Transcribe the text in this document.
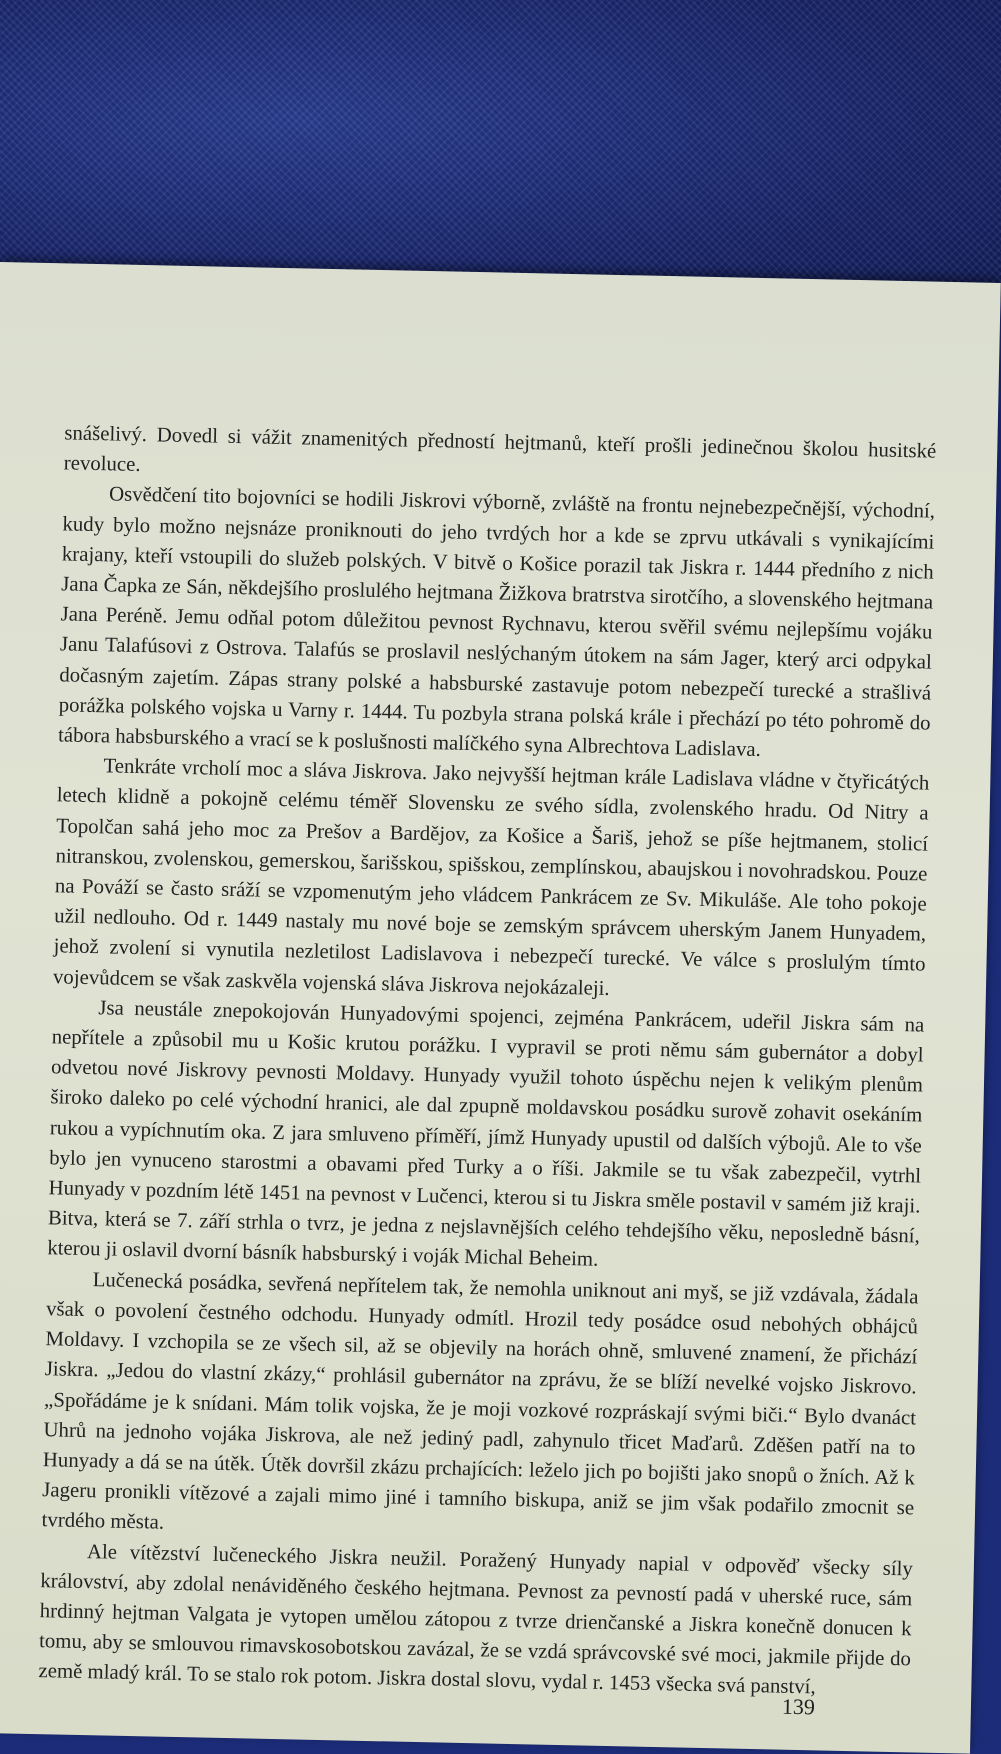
snášelivý. Dovedl si vážit znamenitých předností hejtmanů, kteří prošli jedinečnou školou husitské revoluce.

Osvědčení tito bojovníci se hodili Jiskrovi výborně, zvláště na frontu nejnebezpečnější, východní, kudy bylo možno nejsnáze proniknouti do jeho tvrdých hor a kde se zprvu utkávali s vynikajícími krajany, kteří vstoupili do služeb polských. V bitvě o Košice porazil tak Jiskra r. 1444 předního z nich Jana Čapka ze Sán, někdejšího proslulého hejtmana Žižkova bratrstva sirotčího, a slovenského hejtmana Jana Peréně. Jemu odňal potom důležitou pevnost Rychnavu, kterou svěřil svému nejlepšímu vojáku Janu Talafúsovi z Ostrova. Talafús se proslavil neslýchaným útokem na sám Jager, který arci odpykal dočasným zajetím. Zápas strany polské a habsburské zastavuje potom nebezpečí turecké a strašlivá porážka polského vojska u Varny r. 1444. Tu pozbyla strana polská krále i přechází po této pohromě do tábora habsburského a vrací se k poslušnosti malíčkého syna Albrechtova Ladislava.

Tenkráte vrcholí moc a sláva Jiskrova. Jako nejvyšší hejtman krále Ladislava vládne v čtyřicátých letech klidně a pokojně celému téměř Slovensku ze svého sídla, zvolenského hradu. Od Nitry a Topolčan sahá jeho moc za Prešov a Bardějov, za Košice a Šariš, jehož se píše hejtmanem, stolicí nitranskou, zvolenskou, gemerskou, šarišskou, spišskou, zemplínskou, abaujskou i novohradskou. Pouze na Pováží se často sráží se vzpomenutým jeho vládcem Pankrácem ze Sv. Mikuláše. Ale toho pokoje užil nedlouho. Od r. 1449 nastaly mu nové boje se zemským správcem uherským Janem Hunyadem, jehož zvolení si vynutila nezletilost Ladislavova i nebezpečí turecké. Ve válce s proslulým tímto vojevůdcem se však zaskvěla vojenská sláva Jiskrova nejokázaleji.

Jsa neustále znepokojován Hunyadovými spojenci, zejména Pankrácem, udeřil Jiskra sám na nepřítele a způsobil mu u Košic krutou porážku. I vypravil se proti němu sám gubernátor a dobyl odvetou nové Jiskrovy pevnosti Moldavy. Hunyady využil tohoto úspěchu nejen k velikým plenům široko daleko po celé východní hranici, ale dal zpupně moldavskou posádku surově zohavit osekáním rukou a vypíchnutím oka. Z jara smluveno příměří, jímž Hunyady upustil od dalších výbojů. Ale to vše bylo jen vynuceno starostmi a obavami před Turky a o říši. Jakmile se tu však zabezpečil, vytrhl Hunyady v pozdním létě 1451 na pevnost v Lučenci, kterou si tu Jiskra směle postavil v samém již kraji. Bitva, která se 7. září strhla o tvrz, je jedna z nejslavnějších celého tehdejšího věku, neposledně básní, kterou ji oslavil dvorní básník habsburský i voják Michal Beheim.

Lučenecká posádka, sevřená nepřítelem tak, že nemohla uniknout ani myš, se již vzdávala, žádala však o povolení čestného odchodu. Hunyady odmítl. Hrozil tedy posádce osud nebohých obhájců Moldavy. I vzchopila se ze všech sil, až se objevily na horách ohně, smluvené znamení, že přichází Jiskra. „Jedou do vlastní zkázy,“ prohlásil gubernátor na zprávu, že se blíží nevelké vojsko Jiskrovo. „Spořádáme je k snídani. Mám tolik vojska, že je moji vozkové rozpráskají svými biči.“ Bylo dvanáct Uhrů na jednoho vojáka Jiskrova, ale než jediný padl, zahynulo třicet Maďarů. Zděšen patří na to Hunyady a dá se na útěk. Útěk dovršil zkázu prchajících: leželo jich po bojišti jako snopů o žních. Až k Jageru pronikli vítězové a zajali mimo jiné i tamního biskupa, aniž se jim však podařilo zmocnit se tvrdého města.

Ale vítězství lučeneckého Jiskra neužil. Poražený Hunyady napial v odpověď všecky síly království, aby zdolal nenáviděného českého hejtmana. Pevnost za pevností padá v uherské ruce, sám hrdinný hejtman Valgata je vytopen umělou zátopou z tvrze drienčanské a Jiskra konečně donucen k tomu, aby se smlouvou rimavskosobotskou zavázal, že se vzdá správcovské své moci, jakmile přijde do země mladý král. To se stalo rok potom. Jiskra dostal slovu, vydal r. 1453 všecka svá panství,

139
